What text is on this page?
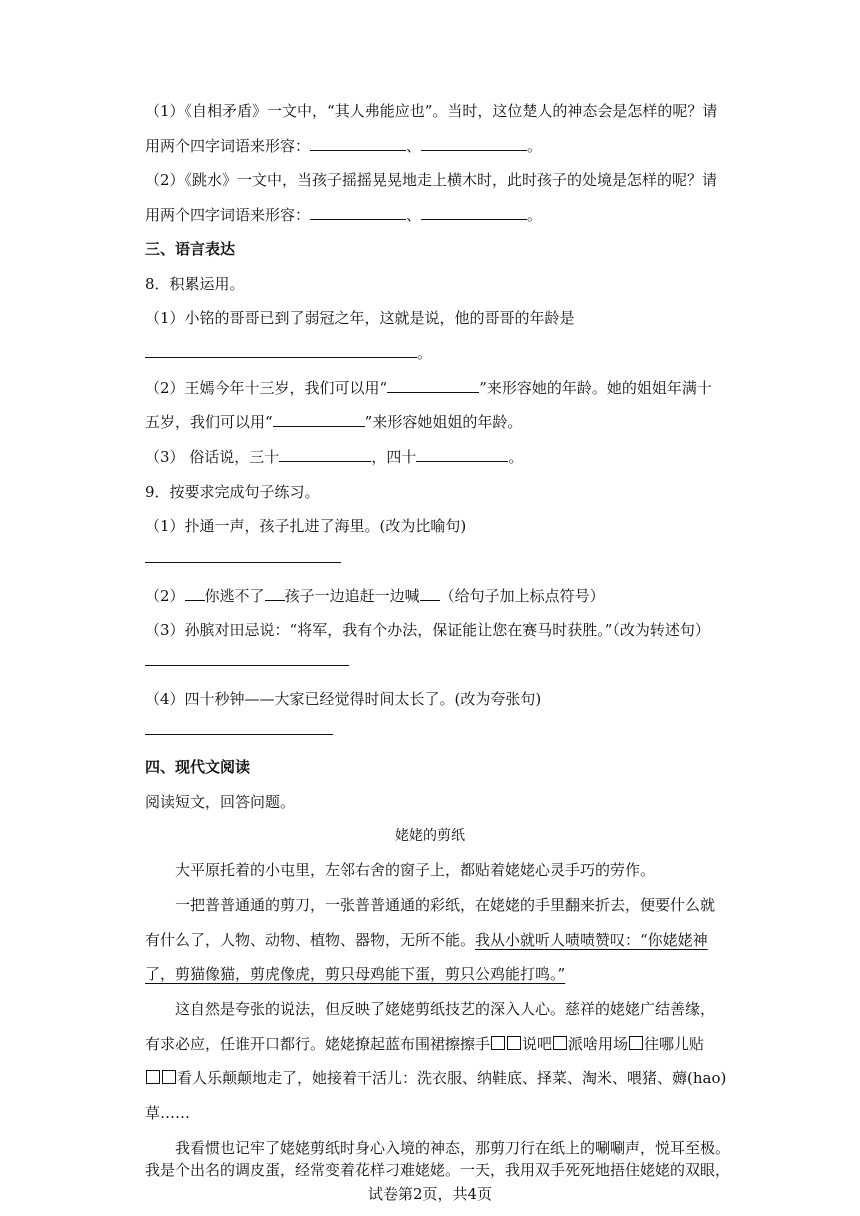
（1）《自相矛盾》一文中，“其人弗能应也”。当时，这位楚人的神态会是怎样的呢？请
用两个四字词语来形容：	、	。
（2）《跳水》一文中，当孩子摇摇晃晃地走上横木时，此时孩子的处境是怎样的呢？请
用两个四字词语来形容：	、	。
三、语言表达
8．积累运用。
（1）小铭的哥哥已到了弱冠之年，这就是说，他的哥哥的年龄是
。
（2）王嫣今年十三岁，我们可以用“	”来形容她的年龄。她的姐姐年满十
五岁，我们可以用“	”来形容她姐姐的年龄。
（3） 俗话说，三十	，四十	。
9．按要求完成句子练习。
（1）扑通一声，孩子扎进了海里。(改为比喻句)
（2） 你逃不了 孩子一边追赶一边喊 （给句子加上标点符号）
（3）孙膑对田忌说：“将军，我有个办法，保证能让您在赛马时获胜。”（改为转述句）
（4）四十秒钟——大家已经觉得时间太长了。(改为夸张句)
四、现代文阅读
阅读短文，回答问题。
姥姥的剪纸
大平原托着的小屯里，左邻右舍的窗子上，都贴着姥姥心灵手巧的劳作。
一把普普通通的剪刀，一张普普通通的彩纸，在姥姥的手里翻来折去，便要什么就
有什么了，人物、动物、植物、器物，无所不能。我从小就听人啧啧赞叹：“你姥姥神
了，剪猫像猫，剪虎像虎，剪只母鸡能下蛋，剪只公鸡能打鸣。”
这自然是夸张的说法，但反映了姥姥剪纸技艺的深入人心。慈祥的姥姥广结善缘，
有求必应，任谁开口都行。姥姥撩起蓝布围裙擦擦手 说吧 派啥用场 往哪儿贴
看人乐颠颠地走了，她接着干活儿：洗衣服、纳鞋底、择菜、淘米、喂猪、薅(hao)
草……
我看惯也记牢了姥姥剪纸时身心入境的神态，那剪刀行在纸上的唰唰声，悦耳至极。
我是个出名的调皮蛋，经常变着花样刁难姥姥。一天，我用双手死死地捂住姥姥的双眼，
试卷第2页，共4页
